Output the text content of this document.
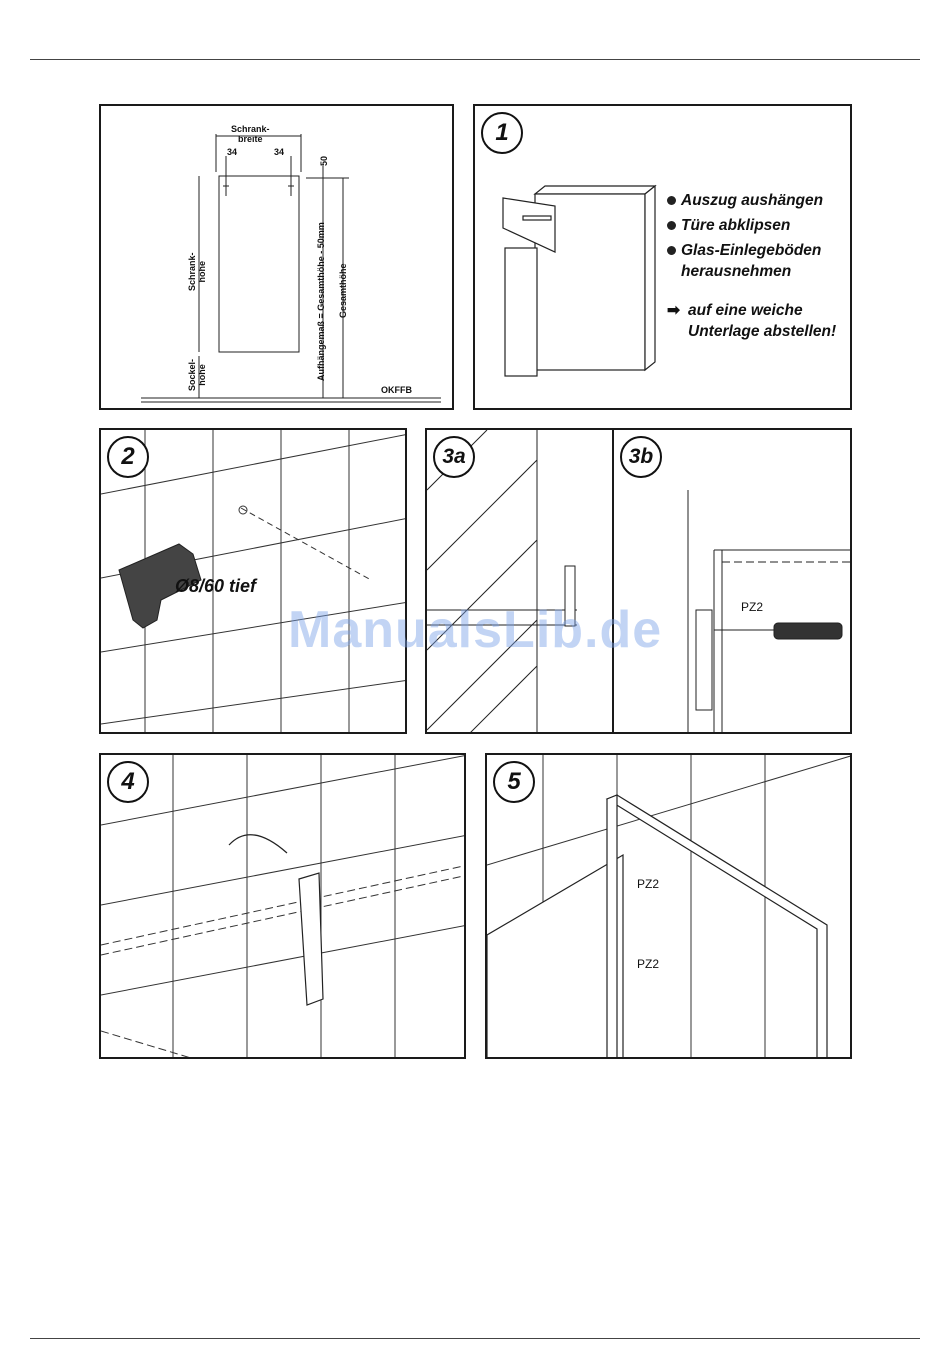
Schrank-
breite
34	34
50
Schrank-
höhe
Sockel-
höhe	Aufhängemaß = Gesamthöhe - 50mm Gesamthöhe
OKFFB
1
Auszug aushängen
Türe abklipsen
Glas-Einlegeböden herausnehmen
➡ auf eine weiche Unterlage abstellen!
2
Ø8/60 tief
3a	3b
PZ2
4	5
PZ2
PZ2
ManualsLib.de
